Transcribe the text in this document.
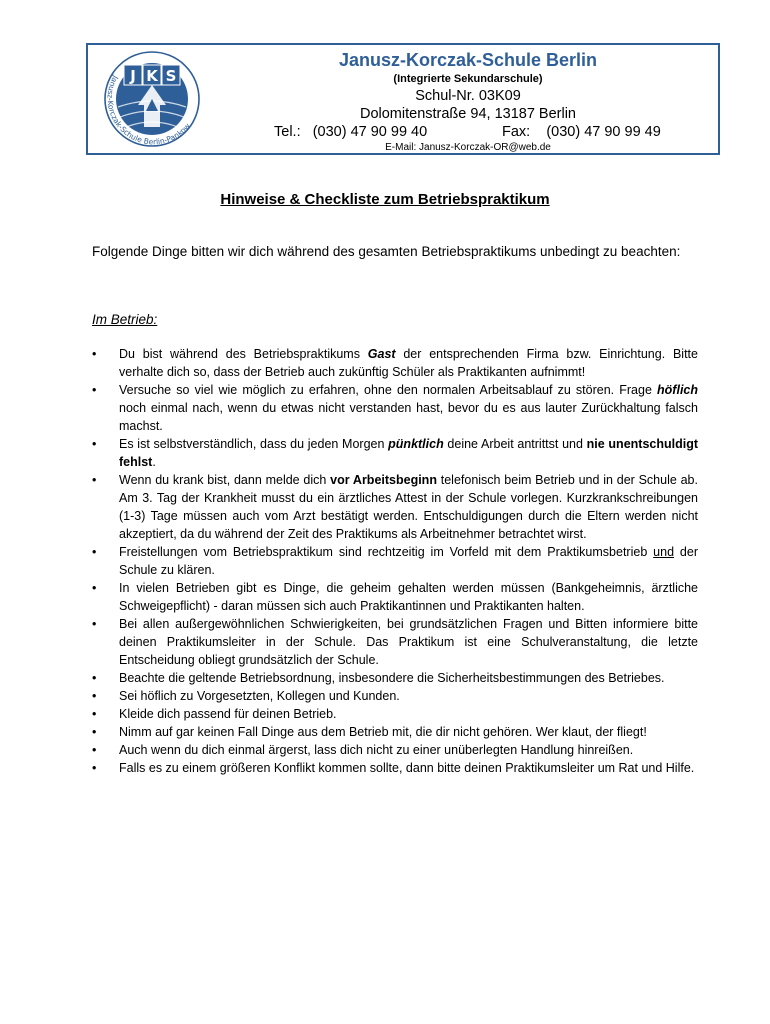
J K S
Janusz-Korczak-Schule Berlin-Pankow
Janusz-Korczak-Schule Berlin
(Integrierte Sekundarschule)
Schul-Nr. 03K09
Dolomitenstraße 94, 13187 Berlin
Tel.: (030) 47 90 99 40	Fax: (030) 47 90 99 49
E-Mail: Janusz-Korczak-OR@web.de
Hinweise & Checkliste zum Betriebspraktikum
Folgende Dinge bitten wir dich während des gesamten Betriebspraktikums unbedingt zu beachten:
Im Betrieb:
• Du bist während des Betriebspraktikums Gast der entsprechenden Firma bzw. Einrichtung. Bitte verhalte dich so, dass der Betrieb auch zukünftig Schüler als Praktikanten aufnimmt!
• Versuche so viel wie möglich zu erfahren, ohne den normalen Arbeitsablauf zu stören. Frage höflich noch einmal nach, wenn du etwas nicht verstanden hast, bevor du es aus lauter Zurückhaltung falsch machst.
• Es ist selbstverständlich, dass du jeden Morgen pünktlich deine Arbeit antrittst und nie unentschuldigt fehlst.
• Wenn du krank bist, dann melde dich vor Arbeitsbeginn telefonisch beim Betrieb und in der Schule ab. Am 3. Tag der Krankheit musst du ein ärztliches Attest in der Schule vorlegen. Kurzkrankschreibungen (1-3) Tage müssen auch vom Arzt bestätigt werden. Entschuldigungen durch die Eltern werden nicht akzeptiert, da du während der Zeit des Praktikums als Arbeitnehmer betrachtet wirst.
• Freistellungen vom Betriebspraktikum sind rechtzeitig im Vorfeld mit dem Praktikumsbetrieb und der Schule zu klären.
• In vielen Betrieben gibt es Dinge, die geheim gehalten werden müssen (Bankgeheimnis, ärztliche Schweigepflicht) - daran müssen sich auch Praktikantinnen und Praktikanten halten.
• Bei allen außergewöhnlichen Schwierigkeiten, bei grundsätzlichen Fragen und Bitten informiere bitte deinen Praktikumsleiter in der Schule. Das Praktikum ist eine Schulveranstaltung, die letzte Entscheidung obliegt grundsätzlich der Schule.
• Beachte die geltende Betriebsordnung, insbesondere die Sicherheitsbestimmungen des Betriebes.
• Sei höflich zu Vorgesetzten, Kollegen und Kunden.
• Kleide dich passend für deinen Betrieb.
• Nimm auf gar keinen Fall Dinge aus dem Betrieb mit, die dir nicht gehören. Wer klaut, der fliegt!
• Auch wenn du dich einmal ärgerst, lass dich nicht zu einer unüberlegten Handlung hinreißen.
• Falls es zu einem größeren Konflikt kommen sollte, dann bitte deinen Praktikumsleiter um Rat und Hilfe.
